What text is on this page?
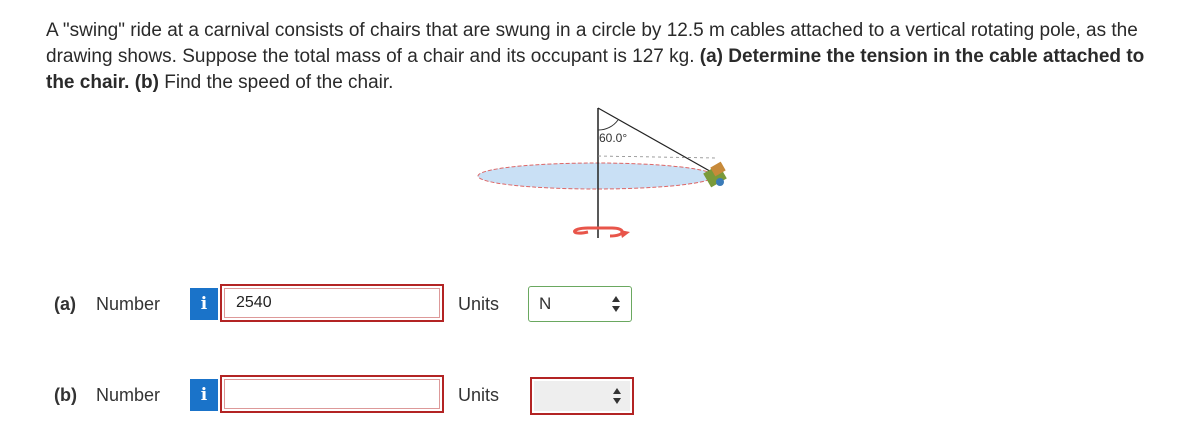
A "swing" ride at a carnival consists of chairs that are swung in a circle by 12.5 m cables attached to a vertical rotating pole, as the drawing shows. Suppose the total mass of a chair and its occupant is 127 kg. (a) Determine the tension in the cable attached to the chair. (b) Find the speed of the chair.
60.0°
(a) Number	i	2540	Units N
(b) Number	i	Units
